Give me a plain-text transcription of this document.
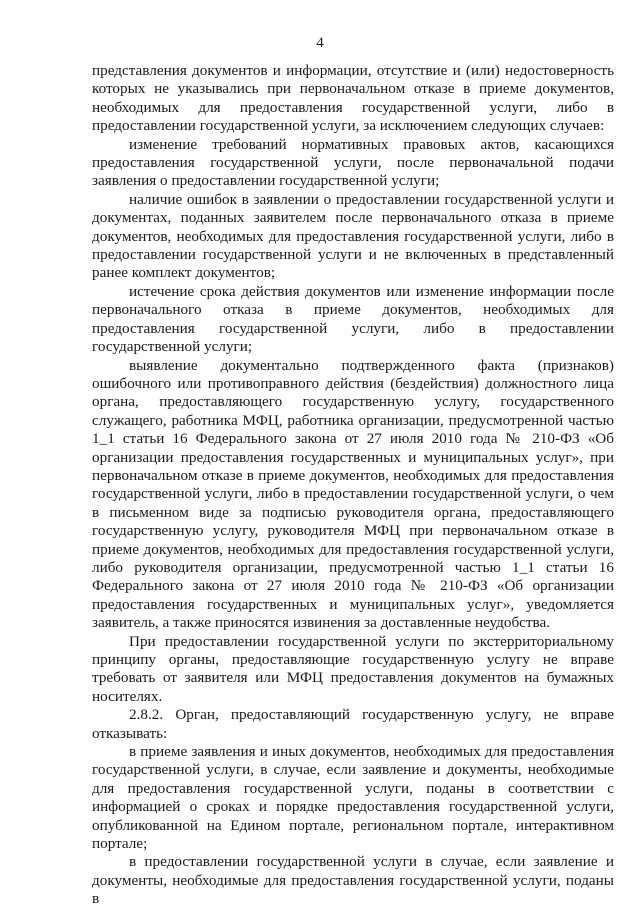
4

представления документов и информации, отсутствие и (или) недостоверность которых не указывались при первоначальном отказе в приеме документов, необходимых для предоставления государственной услуги, либо в предоставлении государственной услуги, за исключением следующих случаев:

изменение требований нормативных правовых актов, касающихся предоставления государственной услуги, после первоначальной подачи заявления о предоставлении государственной услуги;

наличие ошибок в заявлении о предоставлении государственной услуги и документах, поданных заявителем после первоначального отказа в приеме документов, необходимых для предоставления государственной услуги, либо в предоставлении государственной услуги и не включенных в представленный ранее комплект документов;

истечение срока действия документов или изменение информации после первоначального отказа в приеме документов, необходимых для предоставления государственной услуги, либо в предоставлении государственной услуги;

выявление документально подтвержденного факта (признаков) ошибочного или противоправного действия (бездействия) должностного лица органа, предоставляющего государственную услугу, государственного служащего, работника МФЦ, работника организации, предусмотренной частью 1_1 статьи 16 Федерального закона от 27 июля 2010 года № 210-ФЗ «Об организации предоставления государственных и муниципальных услуг», при первоначальном отказе в приеме документов, необходимых для предоставления государственной услуги, либо в предоставлении государственной услуги, о чем в письменном виде за подписью руководителя органа, предоставляющего государственную услугу, руководителя МФЦ при первоначальном отказе в приеме документов, необходимых для предоставления государственной услуги, либо руководителя организации, предусмотренной частью 1_1 статьи 16 Федерального закона от 27 июля 2010 года № 210-ФЗ «Об организации предоставления государственных и муниципальных услуг», уведомляется заявитель, а также приносятся извинения за доставленные неудобства.

При предоставлении государственной услуги по экстерриториальному принципу органы, предоставляющие государственную услугу не вправе требовать от заявителя или МФЦ предоставления документов на бумажных носителях.

2.8.2. Орган, предоставляющий государственную услугу, не вправе отказывать:

в приеме заявления и иных документов, необходимых для предоставления государственной услуги, в случае, если заявление и документы, необходимые для предоставления государственной услуги, поданы в соответствии с информацией о сроках и порядке предоставления государственной услуги, опубликованной на Едином портале, региональном портале, интерактивном портале;

в предоставлении государственной услуги в случае, если заявление и документы, необходимые для предоставления государственной услуги, поданы в
